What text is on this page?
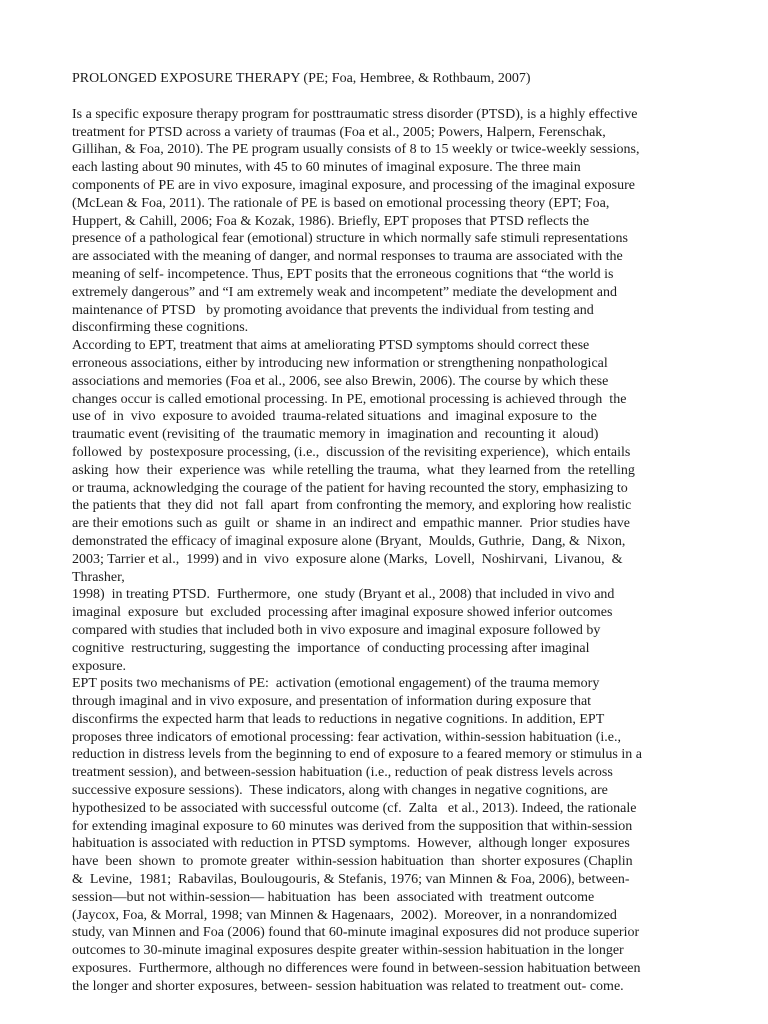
PROLONGED EXPOSURE THERAPY (PE; Foa, Hembree, & Rothbaum, 2007)

Is a specific exposure therapy program for posttraumatic stress disorder (PTSD), is a highly effective
treatment for PTSD across a variety of traumas (Foa et al., 2005; Powers, Halpern, Ferenschak,
Gillihan, & Foa, 2010). The PE program usually consists of 8 to 15 weekly or twice-weekly sessions,
each lasting about 90 minutes, with 45 to 60 minutes of imaginal exposure. The three main
components of PE are in vivo exposure, imaginal exposure, and processing of the imaginal exposure
(McLean & Foa, 2011). The rationale of PE is based on emotional processing theory (EPT; Foa,
Huppert, & Cahill, 2006; Foa & Kozak, 1986). Briefly, EPT proposes that PTSD reflects the
presence of a pathological fear (emotional) structure in which normally safe stimuli representations
are associated with the meaning of danger, and normal responses to trauma are associated with the
meaning of self- incompetence. Thus, EPT posits that the erroneous cognitions that “the world is
extremely dangerous” and “I am extremely weak and incompetent” mediate the development and
maintenance of PTSD   by promoting avoidance that prevents the individual from testing and
disconfirming these cognitions.

According to EPT, treatment that aims at ameliorating PTSD symptoms should correct these
erroneous associations, either by introducing new information or strengthening nonpathological
associations and memories (Foa et al., 2006, see also Brewin, 2006). The course by which these
changes occur is called emotional processing. In PE, emotional processing is achieved through  the
use of  in  vivo  exposure to avoided  trauma-related situations  and  imaginal exposure to  the
traumatic event (revisiting of  the traumatic memory in  imagination and  recounting it  aloud)
followed  by  postexposure processing, (i.e.,  discussion of the revisiting experience),  which entails
asking  how  their  experience was  while retelling the trauma,  what  they learned from  the retelling
or trauma, acknowledging the courage of the patient for having recounted the story, emphasizing to
the patients that  they did  not  fall  apart  from confronting the memory, and exploring how realistic
are their emotions such as  guilt  or  shame in  an indirect and  empathic manner.  Prior studies have
demonstrated the efficacy of imaginal exposure alone (Bryant,  Moulds, Guthrie,  Dang, &  Nixon,
2003; Tarrier et al.,  1999) and in  vivo  exposure alone (Marks,  Lovell,  Noshirvani,  Livanou,  &
Thrasher,
1998)  in treating PTSD.  Furthermore,  one  study (Bryant et al., 2008) that included in vivo and
imaginal  exposure  but  excluded  processing after imaginal exposure showed inferior outcomes
compared with studies that included both in vivo exposure and imaginal exposure followed by
cognitive  restructuring, suggesting the  importance  of conducting processing after imaginal
exposure.

EPT posits two mechanisms of PE:  activation (emotional engagement) of the trauma memory
through imaginal and in vivo exposure, and presentation of information during exposure that
disconfirms the expected harm that leads to reductions in negative cognitions. In addition, EPT
proposes three indicators of emotional processing: fear activation, within-session habituation (i.e.,
reduction in distress levels from the beginning to end of exposure to a feared memory or stimulus in a
treatment session), and between-session habituation (i.e., reduction of peak distress levels across
successive exposure sessions).  These indicators, along with changes in negative cognitions, are
hypothesized to be associated with successful outcome (cf.  Zalta   et al., 2013). Indeed, the rationale
for extending imaginal exposure to 60 minutes was derived from the supposition that within-session
habituation is associated with reduction in PTSD symptoms.  However,  although longer  exposures
have  been  shown  to  promote greater  within-session habituation  than  shorter exposures (Chaplin
&  Levine,  1981;  Rabavilas, Boulougouris, & Stefanis, 1976; van Minnen & Foa, 2006), between-
session—but not within-session— habituation  has  been  associated with  treatment outcome
(Jaycox, Foa, & Morral, 1998; van Minnen & Hagenaars,  2002).  Moreover, in a nonrandomized
study, van Minnen and Foa (2006) found that 60-minute imaginal exposures did not produce superior
outcomes to 30-minute imaginal exposures despite greater within-session habituation in the longer
exposures.  Furthermore, although no differences were found in between-session habituation between
the longer and shorter exposures, between- session habituation was related to treatment out- come.
